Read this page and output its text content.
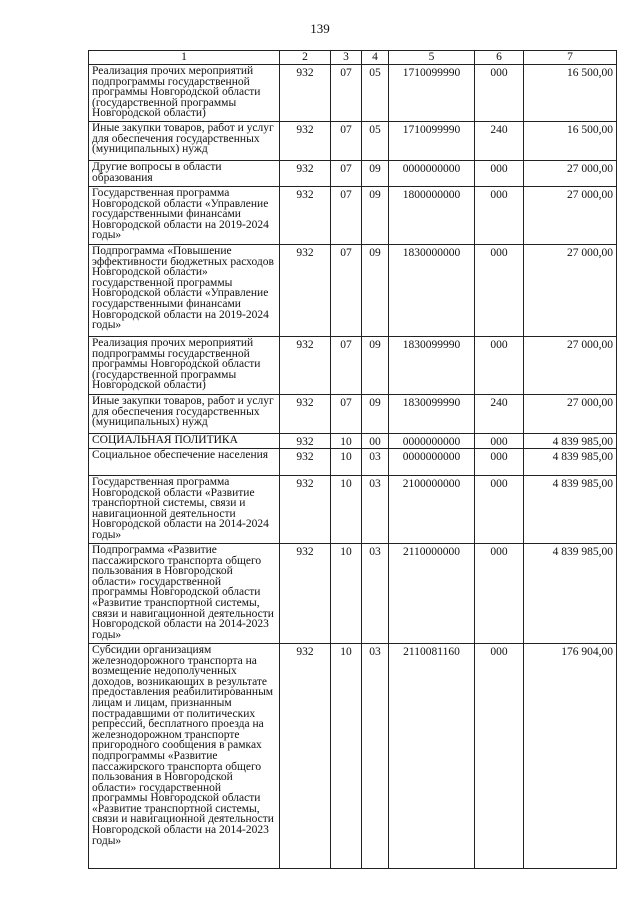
139
1	2	3	4	5	6	7
Реализация прочих мероприятий подпрограммы государственной программы Новгородской области (государственной программы Новгородской области)	932	07	05	1710099990	000	16 500,00
Иные закупки товаров, работ и услуг для обеспечения государственных (муниципальных) нужд	932	07	05	1710099990	240	16 500,00
Другие вопросы в области образования	932	07	09	0000000000	000	27 000,00
Государственная программа Новгородской области «Управление государственными финансами Новгородской области на 2019-2024 годы»	932	07	09	1800000000	000	27 000,00
Подпрограмма «Повышение эффективности бюджетных расходов Новгородской области» государственной программы Новгородской области «Управление государственными финансами Новгородской области на 2019-2024 годы»	932	07	09	1830000000	000	27 000,00
Реализация прочих мероприятий подпрограммы государственной программы Новгородской области (государственной программы Новгородской области)	932	07	09	1830099990	000	27 000,00
Иные закупки товаров, работ и услуг для обеспечения государственных (муниципальных) нужд	932	07	09	1830099990	240	27 000,00
СОЦИАЛЬНАЯ ПОЛИТИКА	932	10	00	0000000000	000	4 839 985,00
Социальное обеспечение населения	932	10	03	0000000000	000	4 839 985,00
Государственная программа Новгородской области «Развитие транспортной системы, связи и навигационной деятельности Новгородской области на 2014-2024 годы»	932	10	03	2100000000	000	4 839 985,00
Подпрограмма «Развитие пассажирского транспорта общего пользования в Новгородской области» государственной программы Новгородской области «Развитие транспортной системы, связи и навигационной деятельности Новгородской области на 2014-2023 годы»	932	10	03	2110000000	000	4 839 985,00
Субсидии организациям железнодорожного транспорта на возмещение недополученных доходов, возникающих в результате предоставления реабилитированным лицам и лицам, признанным пострадавшими от политических репрессий, бесплатного проезда на железнодорожном транспорте пригородного сообщения в рамках подпрограммы «Развитие пассажирского транспорта общего пользования в Новгородской области» государственной программы Новгородской области «Развитие транспортной системы, связи и навигационной деятельности Новгородской области на 2014-2023 годы»	932	10	03	2110081160	000	176 904,00
